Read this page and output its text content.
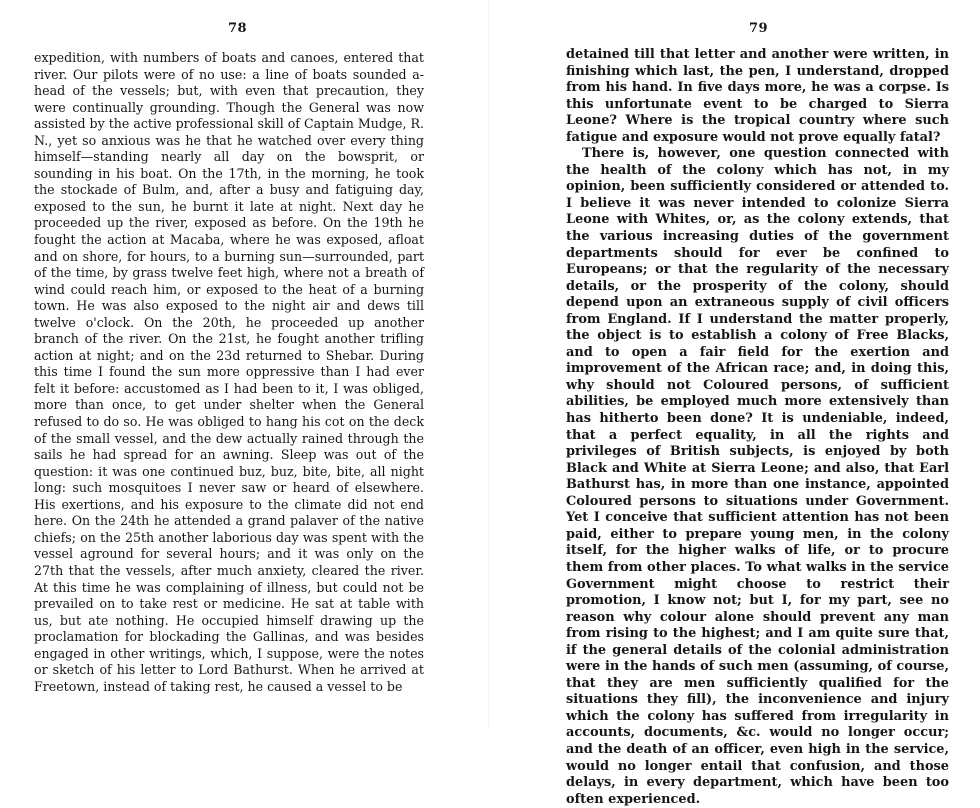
78

expedition, with numbers of boats and canoes, entered that river. Our pilots were of no use: a line of boats sounded a-head of the vessels; but, with even that precaution, they were continually grounding. Though the General was now assisted by the active professional skill of Captain Mudge, R. N., yet so anxious was he that he watched over every thing himself—standing nearly all day on the bowsprit, or sounding in his boat. On the 17th, in the morning, he took the stockade of Bulm, and, after a busy and fatiguing day, exposed to the sun, he burnt it late at night. Next day he proceeded up the river, exposed as before. On the 19th he fought the action at Macaba, where he was exposed, afloat and on shore, for hours, to a burning sun—surrounded, part of the time, by grass twelve feet high, where not a breath of wind could reach him, or exposed to the heat of a burning town. He was also exposed to the night air and dews till twelve o'clock. On the 20th, he proceeded up another branch of the river. On the 21st, he fought another trifling action at night; and on the 23d returned to Shebar. During this time I found the sun more oppressive than I had ever felt it before: accustomed as I had been to it, I was obliged, more than once, to get under shelter when the General refused to do so. He was obliged to hang his cot on the deck of the small vessel, and the dew actually rained through the sails he had spread for an awning. Sleep was out of the question: it was one continued buz, buz, bite, bite, all night long: such mosquitoes I never saw or heard of elsewhere. His exertions, and his exposure to the climate did not end here. On the 24th he attended a grand palaver of the native chiefs; on the 25th another laborious day was spent with the vessel aground for several hours; and it was only on the 27th that the vessels, after much anxiety, cleared the river. At this time he was complaining of illness, but could not be prevailed on to take rest or medicine. He sat at table with us, but ate nothing. He occupied himself drawing up the proclamation for blockading the Gallinas, and was besides engaged in other writings, which, I suppose, were the notes or sketch of his letter to Lord Bathurst. When he arrived at Freetown, instead of taking rest, he caused a vessel to be

79

detained till that letter and another were written, in finishing which last, the pen, I understand, dropped from his hand. In five days more, he was a corpse. Is this unfortunate event to be charged to Sierra Leone? Where is the tropical country where such fatigue and exposure would not prove equally fatal?

There is, however, one question connected with the health of the colony which has not, in my opinion, been sufficiently considered or attended to. I believe it was never intended to colonize Sierra Leone with Whites, or, as the colony extends, that the various increasing duties of the government departments should for ever be confined to Europeans; or that the regularity of the necessary details, or the prosperity of the colony, should depend upon an extraneous supply of civil officers from England. If I understand the matter properly, the object is to establish a colony of Free Blacks, and to open a fair field for the exertion and improvement of the African race; and, in doing this, why should not Coloured persons, of sufficient abilities, be employed much more extensively than has hitherto been done? It is undeniable, indeed, that a perfect equality, in all the rights and privileges of British subjects, is enjoyed by both Black and White at Sierra Leone; and also, that Earl Bathurst has, in more than one instance, appointed Coloured persons to situations under Government. Yet I conceive that sufficient attention has not been paid, either to prepare young men, in the colony itself, for the higher walks of life, or to procure them from other places. To what walks in the service Government might choose to restrict their promotion, I know not; but I, for my part, see no reason why colour alone should prevent any man from rising to the highest; and I am quite sure that, if the general details of the colonial administration were in the hands of such men (assuming, of course, that they are men sufficiently qualified for the situations they fill), the inconvenience and injury which the colony has suffered from irregularity in accounts, documents, &c. would no longer occur; and the death of an officer, even high in the service, would no longer entail that confusion, and those delays, in every department, which have been too often experienced.
